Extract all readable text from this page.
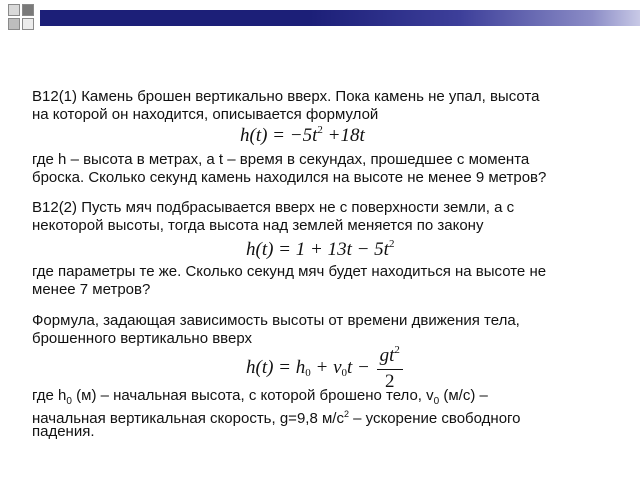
В12(1) Камень брошен вертикально вверх. Пока камень не упал, высота
на которой он находится, описывается формулой
$h(t) = -5t^2 +18t$
где h – высота в метрах, а t – время в секундах, прошедшее с момента
броска. Сколько секунд камень находился на высоте не менее 9 метров?
В12(2) Пусть мяч подбрасывается вверх не с поверхности земли, а с
некоторой высоты, тогда высота над землей меняется по закону
$h(t) = 1 + 13t - 5t^2$
где параметры те же. Сколько секунд мяч будет находиться на высоте не
менее 7 метров?
Формула, задающая зависимость высоты от времени движения тела,
брошенного вертикально вверх
$h(t) = h_0 + v_0t - \frac{gt^2}{2}$
где $h_0$ (м) – начальная высота, с которой брошено тело, $v_0$ (м/с) –
начальная вертикальная скорость, g=9,8 $м/с^2$ – ускорение свободного
падения.
